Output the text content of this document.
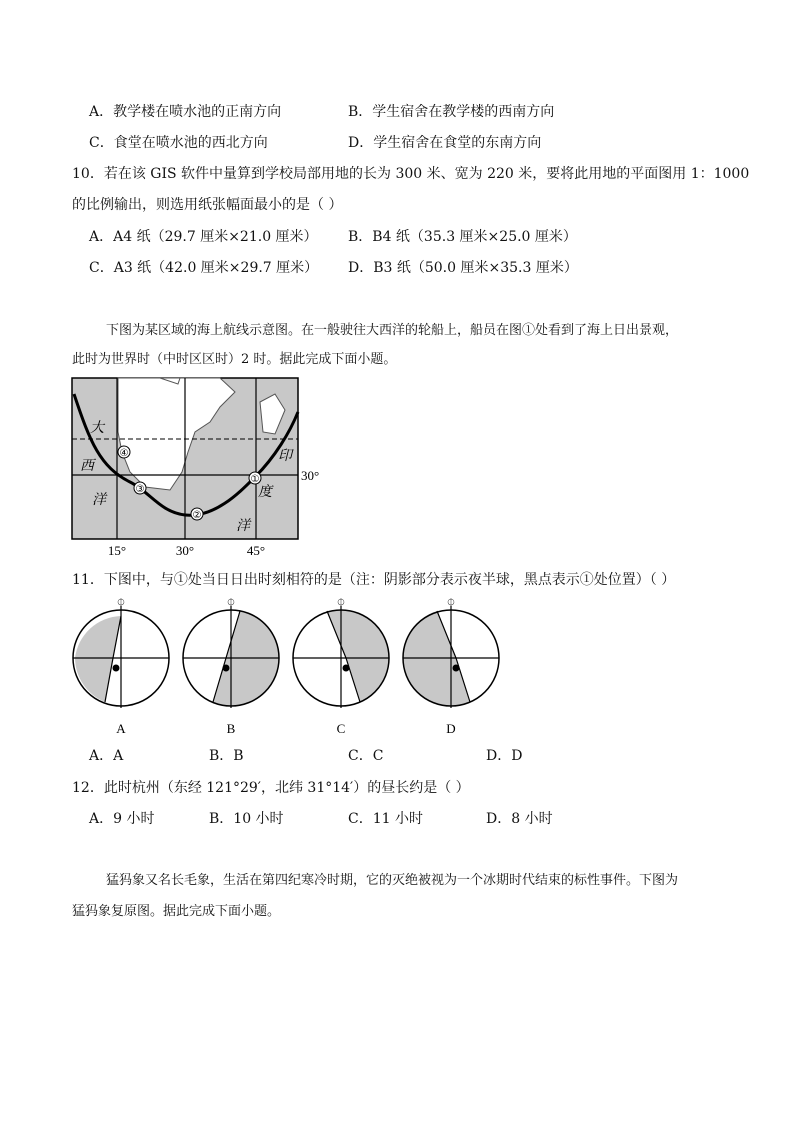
A．教学楼在喷水池的正南方向	B．学生宿舍在教学楼的西南方向
C．食堂在喷水池的西北方向	D．学生宿舍在食堂的东南方向
10．若在该 GIS 软件中量算到学校局部用地的长为 300 米、宽为 220 米，要将此用地的平面图用 1：1000
的比例输出，则选用纸张幅面最小的是（ ）
A．A4 纸（29.7 厘米×21.0 厘米） B．B4 纸（35.3 厘米×25.0 厘米）
C．A3 纸（42.0 厘米×29.7 厘米） D．B3 纸（50.0 厘米×35.3 厘米）
下图为某区域的海上航线示意图。在一般驶往大西洋的轮船上，船员在图①处看到了海上日出景观，
此时为世界时（中时区区时）2 时。据此完成下面小题。
①
②
③
④
大
西
洋
印
度
洋
30°
15°	30°	45°
11．下图中，与①处当日日出时刻相符的是（注：阴影部分表示夜半球，黑点表示①处位置）（ ）
⏀	⏀	⏀	⏀
A	B	C	D
A．A	B．B	C．C	D．D
12．此时杭州（东经 121°29′，北纬 31°14′）的昼长约是（ ）
A．9 小时	B．10 小时	C．11 小时	D．8 小时
猛犸象又名长毛象，生活在第四纪寒冷时期，它的灭绝被视为一个冰期时代结束的标性事件。下图为
猛犸象复原图。据此完成下面小题。
